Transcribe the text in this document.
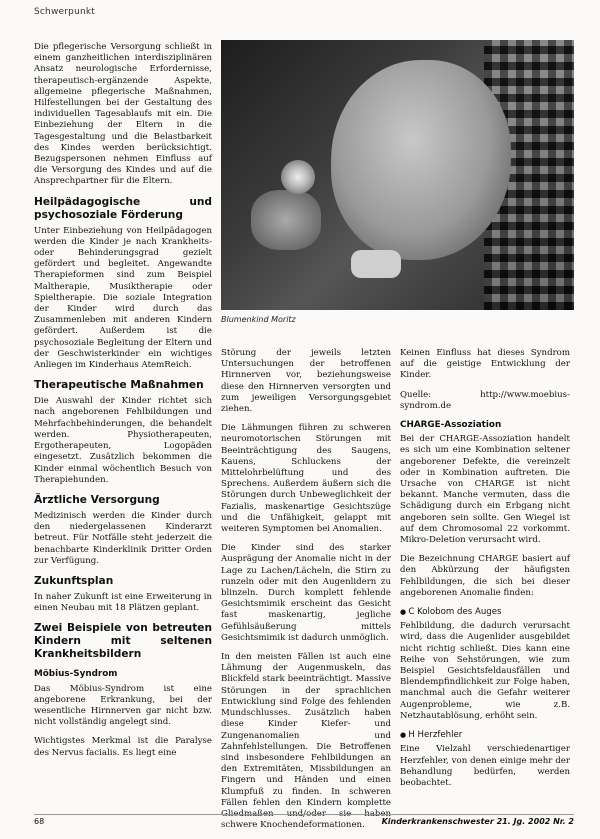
Schwerpunkt

Die pflegerische Versorgung schließt in einem ganzheitlichen interdisziplinären Ansatz neurologische Erfordernisse, therapeutisch-ergänzende Aspekte, allgemeine pflegerische Maßnahmen, Hilfestellungen bei der Gestaltung des individuellen Tagesablaufs mit ein. Die Einbeziehung der Eltern in die Tagesgestaltung und die Belastbarkeit des Kindes werden berücksichtigt. Bezugspersonen nehmen Einfluss auf die Versorgung des Kindes und auf die Ansprechpartner für die Eltern.

Heilpädagogische und psychosoziale Förderung

Unter Einbeziehung von Heilpädagogen werden die Kinder je nach Krankheits- oder Behinderungsgrad gezielt gefördert und begleitet. Angewandte Therapieformen sind zum Beispiel Maltherapie, Musiktherapie oder Spieltherapie. Die soziale Integration der Kinder wird durch das Zusammenleben mit anderen Kindern gefördert. Außerdem ist die psychosoziale Begleitung der Eltern und der Geschwisterkinder ein wichtiges Anliegen im Kinderhaus AtemReich.

Therapeutische Maßnahmen

Die Auswahl der Kinder richtet sich nach angeborenen Fehlbildungen und Mehrfachbehinderungen, die behandelt werden. Physiotherapeuten, Ergotherapeuten, Logopäden eingesetzt. Zusätzlich bekommen die Kinder einmal wöchentlich Besuch von Therapiehunden.

Ärztliche Versorgung

Medizinisch werden die Kinder durch den niedergelassenen Kinderarzt betreut. Für Notfälle steht jederzeit die benachbarte Kinderklinik Dritter Orden zur Verfügung.

Zukunftsplan

In naher Zukunft ist eine Erweiterung in einen Neubau mit 18 Plätzen geplant.

Zwei Beispiele von betreuten Kindern mit seltenen Krankheitsbildern
Möbius-Syndrom

Das Möbius-Syndrom ist eine angeborene Erkrankung, bei der wesentliche Hirnnerven gar nicht bzw. nicht vollständig angelegt sind.

Wichtigstes Merkmal ist die Paralyse des Nervus facialis. Es liegt eine

Blumenkind Moritz

Störung der jeweils letzten Untersuchungen der betroffenen Hirnnerven vor, beziehungsweise diese den Hirnnerven versorgten und zum jeweiligen Versorgungsgebiet ziehen.

Die Lähmungen führen zu schweren neuromotorischen Störungen mit Beeinträchtigung des Saugens, Kauens, Schluckens der Mittelohrbelüftung und des Sprechens. Außerdem äußern sich die Störungen durch Unbeweglichkeit der Fazialis, maskenartige Gesichtszüge und die Unfähigkeit, gelappt mit weiteren Symptomen bei Anomalien.

Die Kinder sind des starker Ausprägung der Anomalie nicht in der Lage zu Lachen/Lächeln, die Stirn zu runzeln oder mit den Augenlidern zu blinzeln. Durch komplett fehlende Gesichtsmimik erscheint das Gesicht fast maskenartig, jegliche Gefühlsäußerung mittels Gesichtsmimik ist dadurch unmöglich.

In den meisten Fällen ist auch eine Lähmung der Augenmuskeln, das Blickfeld stark beeinträchtigt. Massive Störungen in der sprachlichen Entwicklung sind Folge des fehlenden Mundschlusses. Zusätzlich haben diese Kinder Kiefer- und Zungenanomalien und Zahnfehlstellungen. Die Betroffenen sind insbesondere Fehlbildungen an den Extremitäten, Missbildungen an Fingern und Händen und einen Klumpfuß zu finden. In schweren Fällen fehlen den Kindern komplette Gliedmaßen und/oder sie haben schwere Knochendeformationen.

Keinen Einfluss hat dieses Syndrom auf die geistige Entwicklung der Kinder.

Quelle: http://www.moebius-syndrom.de

CHARGE-Assoziation

Bei der CHARGE-Assoziation handelt es sich um eine Kombination seltener angeborener Defekte, die vereinzelt oder in Kombination auftreten. Die Ursache von CHARGE ist nicht bekannt. Manche vermuten, dass die Schädigung durch ein Erbgang nicht angeboren sein sollte. Gen Wiegel ist auf dem Chromosomal 22 vorkommt. Mikro-Deletion verursacht wird.

Die Bezeichnung CHARGE basiert auf den Abkürzung der häufigsten Fehlbildungen, die sich bei dieser angeborenen Anomalie finden:

● C Kolobom des Auges

Fehlbildung, die dadurch verursacht wird, dass die Augenlider ausgebildet nicht richtig schließt. Dies kann eine Reihe von Sehstörungen, wie zum Beispiel Gesichtsfeldausfällen und Blendempfindlichkeit zur Folge haben, manchmal auch die Gefahr weiterer Augenprobleme, wie z.B. Netzhautablösung, erhöht sein.

● H Herzfehler

Eine Vielzahl verschiedenartiger Herzfehler, von denen einige mehr der Behandlung bedürfen, werden beobachtet.

68	Kinderkrankenschwester 21. Jg. 2002 Nr. 2
